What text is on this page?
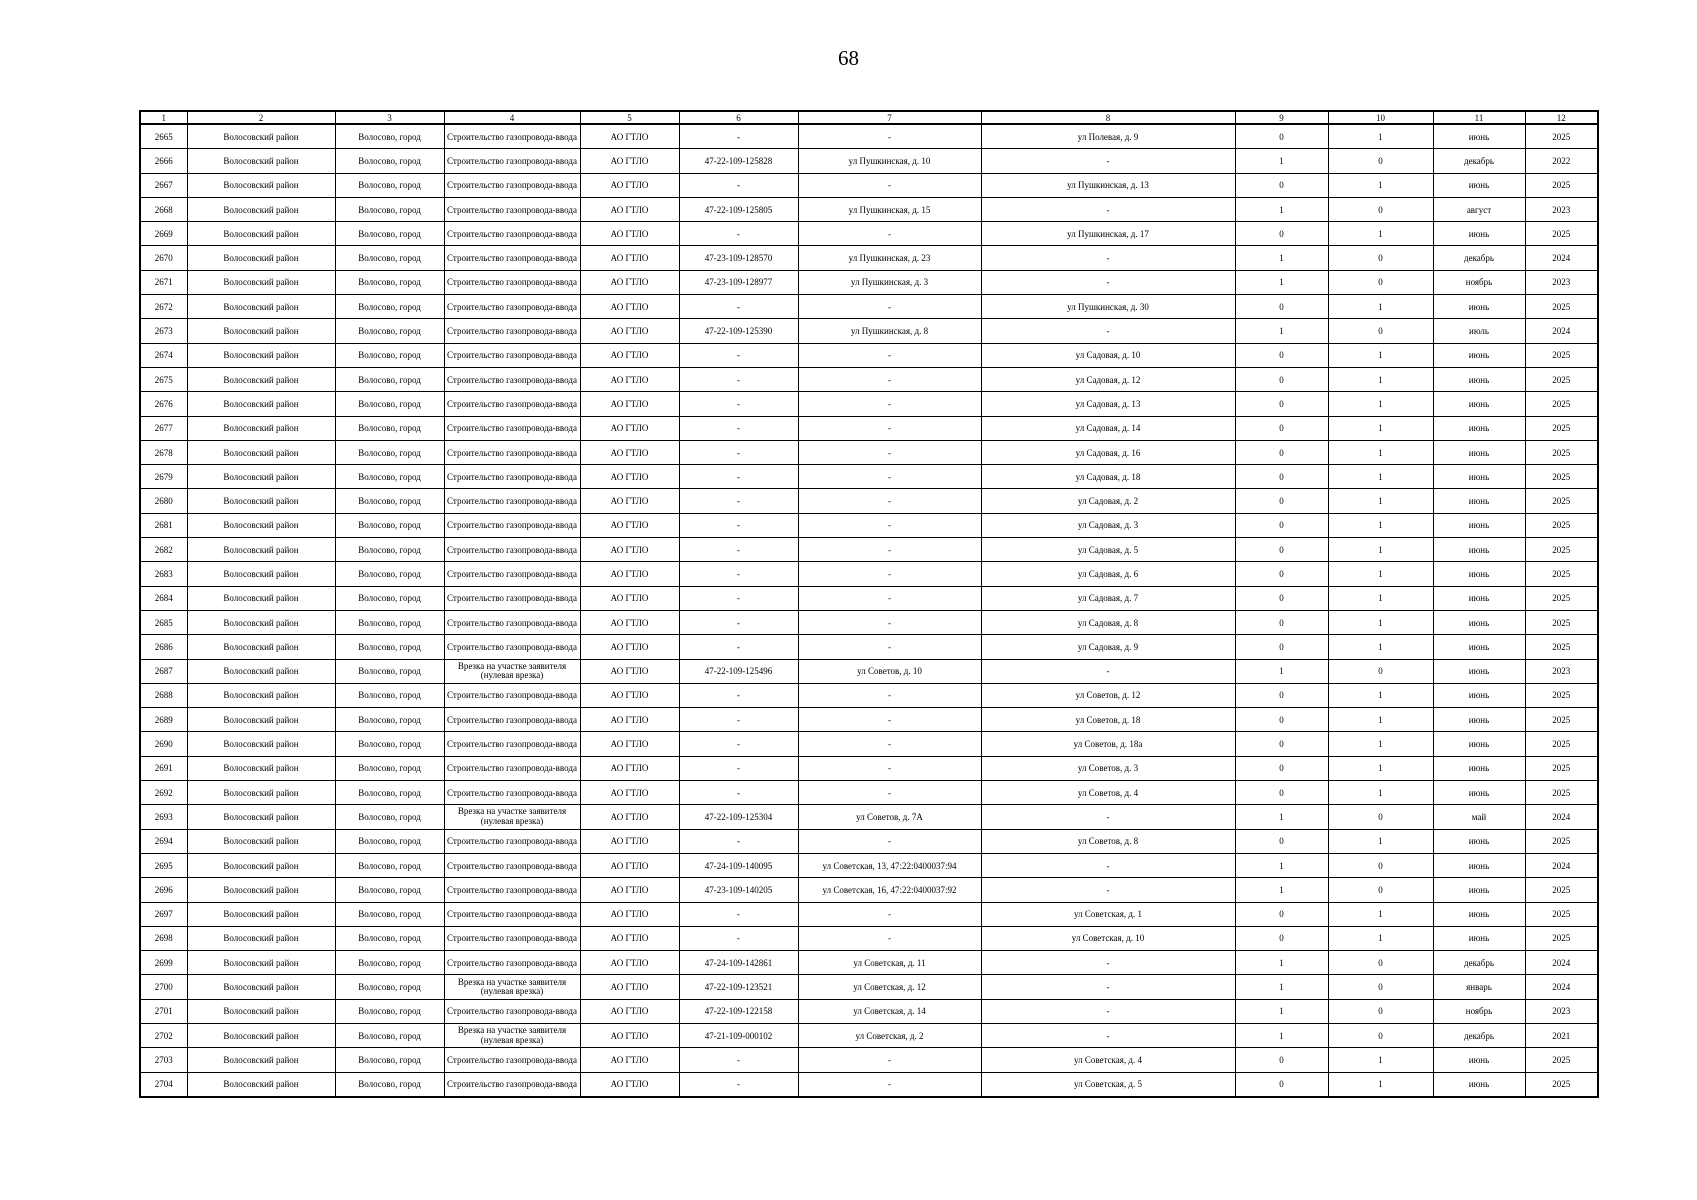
68
1	2	3	4	5	6	7	8	9	10	11	12
2665	Волосовский район	Волосово, город	Строительство газопровода-ввода	АО ГТЛО	-	-	ул Полевая, д. 9	0	1	июнь	2025
2666	Волосовский район	Волосово, город	Строительство газопровода-ввода	АО ГТЛО	47-22-109-125828	ул Пушкинская, д. 10	-	1	0	декабрь	2022
2667	Волосовский район	Волосово, город	Строительство газопровода-ввода	АО ГТЛО	-	-	ул Пушкинская, д. 13	0	1	июнь	2025
2668	Волосовский район	Волосово, город	Строительство газопровода-ввода	АО ГТЛО	47-22-109-125805	ул Пушкинская, д. 15	-	1	0	август	2023
2669	Волосовский район	Волосово, город	Строительство газопровода-ввода	АО ГТЛО	-	-	ул Пушкинская, д. 17	0	1	июнь	2025
2670	Волосовский район	Волосово, город	Строительство газопровода-ввода	АО ГТЛО	47-23-109-128570	ул Пушкинская, д. 23	-	1	0	декабрь	2024
2671	Волосовский район	Волосово, город	Строительство газопровода-ввода	АО ГТЛО	47-23-109-128977	ул Пушкинская, д. 3	-	1	0	ноябрь	2023
2672	Волосовский район	Волосово, город	Строительство газопровода-ввода	АО ГТЛО	-	-	ул Пушкинская, д. 30	0	1	июнь	2025
2673	Волосовский район	Волосово, город	Строительство газопровода-ввода	АО ГТЛО	47-22-109-125390	ул Пушкинская, д. 8	-	1	0	июль	2024
2674	Волосовский район	Волосово, город	Строительство газопровода-ввода	АО ГТЛО	-	-	ул Садовая, д. 10	0	1	июнь	2025
2675	Волосовский район	Волосово, город	Строительство газопровода-ввода	АО ГТЛО	-	-	ул Садовая, д. 12	0	1	июнь	2025
2676	Волосовский район	Волосово, город	Строительство газопровода-ввода	АО ГТЛО	-	-	ул Садовая, д. 13	0	1	июнь	2025
2677	Волосовский район	Волосово, город	Строительство газопровода-ввода	АО ГТЛО	-	-	ул Садовая, д. 14	0	1	июнь	2025
2678	Волосовский район	Волосово, город	Строительство газопровода-ввода	АО ГТЛО	-	-	ул Садовая, д. 16	0	1	июнь	2025
2679	Волосовский район	Волосово, город	Строительство газопровода-ввода	АО ГТЛО	-	-	ул Садовая, д. 18	0	1	июнь	2025
2680	Волосовский район	Волосово, город	Строительство газопровода-ввода	АО ГТЛО	-	-	ул Садовая, д. 2	0	1	июнь	2025
2681	Волосовский район	Волосово, город	Строительство газопровода-ввода	АО ГТЛО	-	-	ул Садовая, д. 3	0	1	июнь	2025
2682	Волосовский район	Волосово, город	Строительство газопровода-ввода	АО ГТЛО	-	-	ул Садовая, д. 5	0	1	июнь	2025
2683	Волосовский район	Волосово, город	Строительство газопровода-ввода	АО ГТЛО	-	-	ул Садовая, д. 6	0	1	июнь	2025
2684	Волосовский район	Волосово, город	Строительство газопровода-ввода	АО ГТЛО	-	-	ул Садовая, д. 7	0	1	июнь	2025
2685	Волосовский район	Волосово, город	Строительство газопровода-ввода	АО ГТЛО	-	-	ул Садовая, д. 8	0	1	июнь	2025
2686	Волосовский район	Волосово, город	Строительство газопровода-ввода	АО ГТЛО	-	-	ул Садовая, д. 9	0	1	июнь	2025
2687	Волосовский район	Волосово, город	Врезка на участке заявителя (нулевая врезка)	АО ГТЛО	47-22-109-125496	ул Советов, д. 10	-	1	0	июнь	2023
2688	Волосовский район	Волосово, город	Строительство газопровода-ввода	АО ГТЛО	-	-	ул Советов, д. 12	0	1	июнь	2025
2689	Волосовский район	Волосово, город	Строительство газопровода-ввода	АО ГТЛО	-	-	ул Советов, д. 18	0	1	июнь	2025
2690	Волосовский район	Волосово, город	Строительство газопровода-ввода	АО ГТЛО	-	-	ул Советов, д. 18а	0	1	июнь	2025
2691	Волосовский район	Волосово, город	Строительство газопровода-ввода	АО ГТЛО	-	-	ул Советов, д. 3	0	1	июнь	2025
2692	Волосовский район	Волосово, город	Строительство газопровода-ввода	АО ГТЛО	-	-	ул Советов, д. 4	0	1	июнь	2025
2693	Волосовский район	Волосово, город	Врезка на участке заявителя (нулевая врезка)	АО ГТЛО	47-22-109-125304	ул Советов, д. 7А	-	1	0	май	2024
2694	Волосовский район	Волосово, город	Строительство газопровода-ввода	АО ГТЛО	-	-	ул Советов, д. 8	0	1	июнь	2025
2695	Волосовский район	Волосово, город	Строительство газопровода-ввода	АО ГТЛО	47-24-109-140095	ул Советская, 13, 47:22:0400037:94	-	1	0	июнь	2024
2696	Волосовский район	Волосово, город	Строительство газопровода-ввода	АО ГТЛО	47-23-109-140205	ул Советская, 16, 47:22:0400037:92	-	1	0	июнь	2025
2697	Волосовский район	Волосово, город	Строительство газопровода-ввода	АО ГТЛО	-	-	ул Советская, д. 1	0	1	июнь	2025
2698	Волосовский район	Волосово, город	Строительство газопровода-ввода	АО ГТЛО	-	-	ул Советская, д. 10	0	1	июнь	2025
2699	Волосовский район	Волосово, город	Строительство газопровода-ввода	АО ГТЛО	47-24-109-142861	ул Советская, д. 11	-	1	0	декабрь	2024
2700	Волосовский район	Волосово, город	Врезка на участке заявителя (нулевая врезка)	АО ГТЛО	47-22-109-123521	ул Советская, д. 12	-	1	0	январь	2024
2701	Волосовский район	Волосово, город	Строительство газопровода-ввода	АО ГТЛО	47-22-109-122158	ул Советская, д. 14	-	1	0	ноябрь	2023
2702	Волосовский район	Волосово, город	Врезка на участке заявителя (нулевая врезка)	АО ГТЛО	47-21-109-000102	ул Советская, д. 2	-	1	0	декабрь	2021
2703	Волосовский район	Волосово, город	Строительство газопровода-ввода	АО ГТЛО	-	-	ул Советская, д. 4	0	1	июнь	2025
2704	Волосовский район	Волосово, город	Строительство газопровода-ввода	АО ГТЛО	-	-	ул Советская, д. 5	0	1	июнь	2025
